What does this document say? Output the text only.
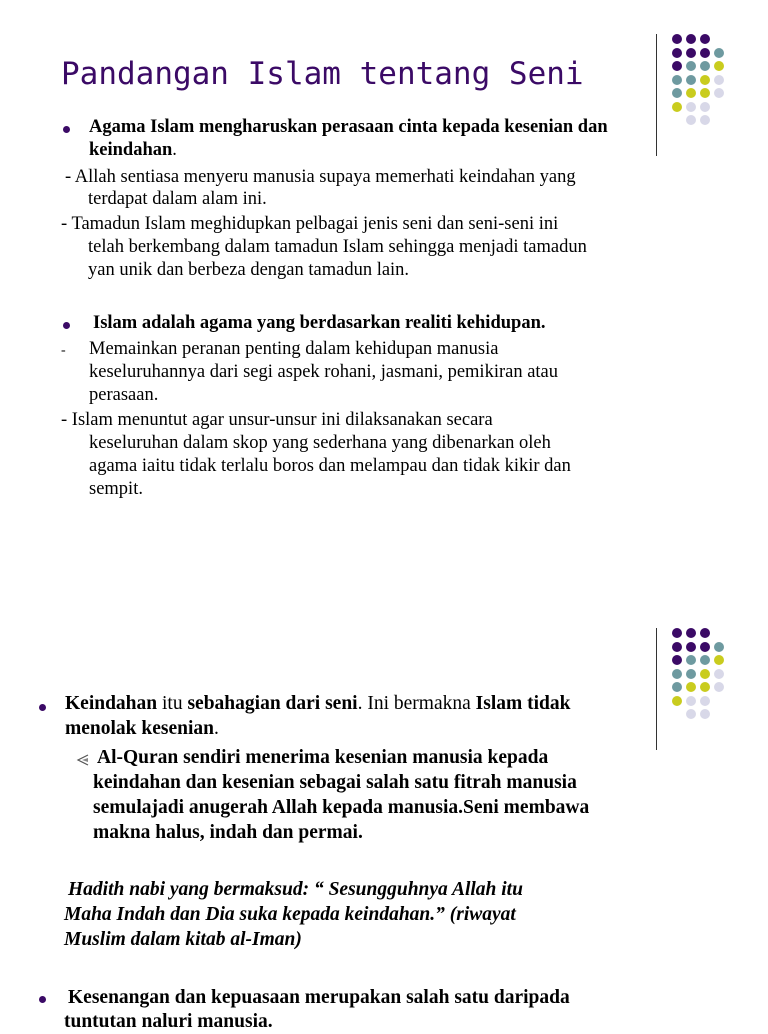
Pandangan Islam tentang Seni
Agama Islam mengharuskan perasaan cinta kepada kesenian dan keindahan.
- Allah sentiasa menyeru manusia supaya memerhati keindahan yang
terdapat dalam alam ini.
- Tamadun Islam meghidupkan pelbagai jenis seni dan seni-seni ini
telah berkembang dalam tamadun Islam sehingga menjadi tamadun
yan unik dan berbeza dengan tamadun lain.
Islam adalah agama yang berdasarkan realiti kehidupan.
- Memainkan peranan penting dalam kehidupan manusia
keseluruhannya dari segi aspek rohani, jasmani, pemikiran atau
perasaan.
- Islam menuntut agar unsur-unsur ini dilaksanakan secara
keseluruhan dalam skop yang sederhana yang dibenarkan oleh
agama iaitu tidak terlalu boros dan melampau dan tidak kikir dan
sempit.
Keindahan itu sebahagian dari seni. Ini bermakna Islam tidak
menolak kesenian.
Al-Quran sendiri menerima kesenian manusia kepada
keindahan dan kesenian sebagai salah satu fitrah manusia
semulajadi anugerah Allah kepada manusia.Seni membawa
makna halus, indah dan permai.
Hadith nabi yang bermaksud: “ Sesungguhnya Allah itu
Maha Indah dan Dia suka kepada keindahan.” (riwayat
Muslim dalam kitab al-Iman)
Kesenangan dan kepuasaan merupakan salah satu daripada
tuntutan naluri manusia.
